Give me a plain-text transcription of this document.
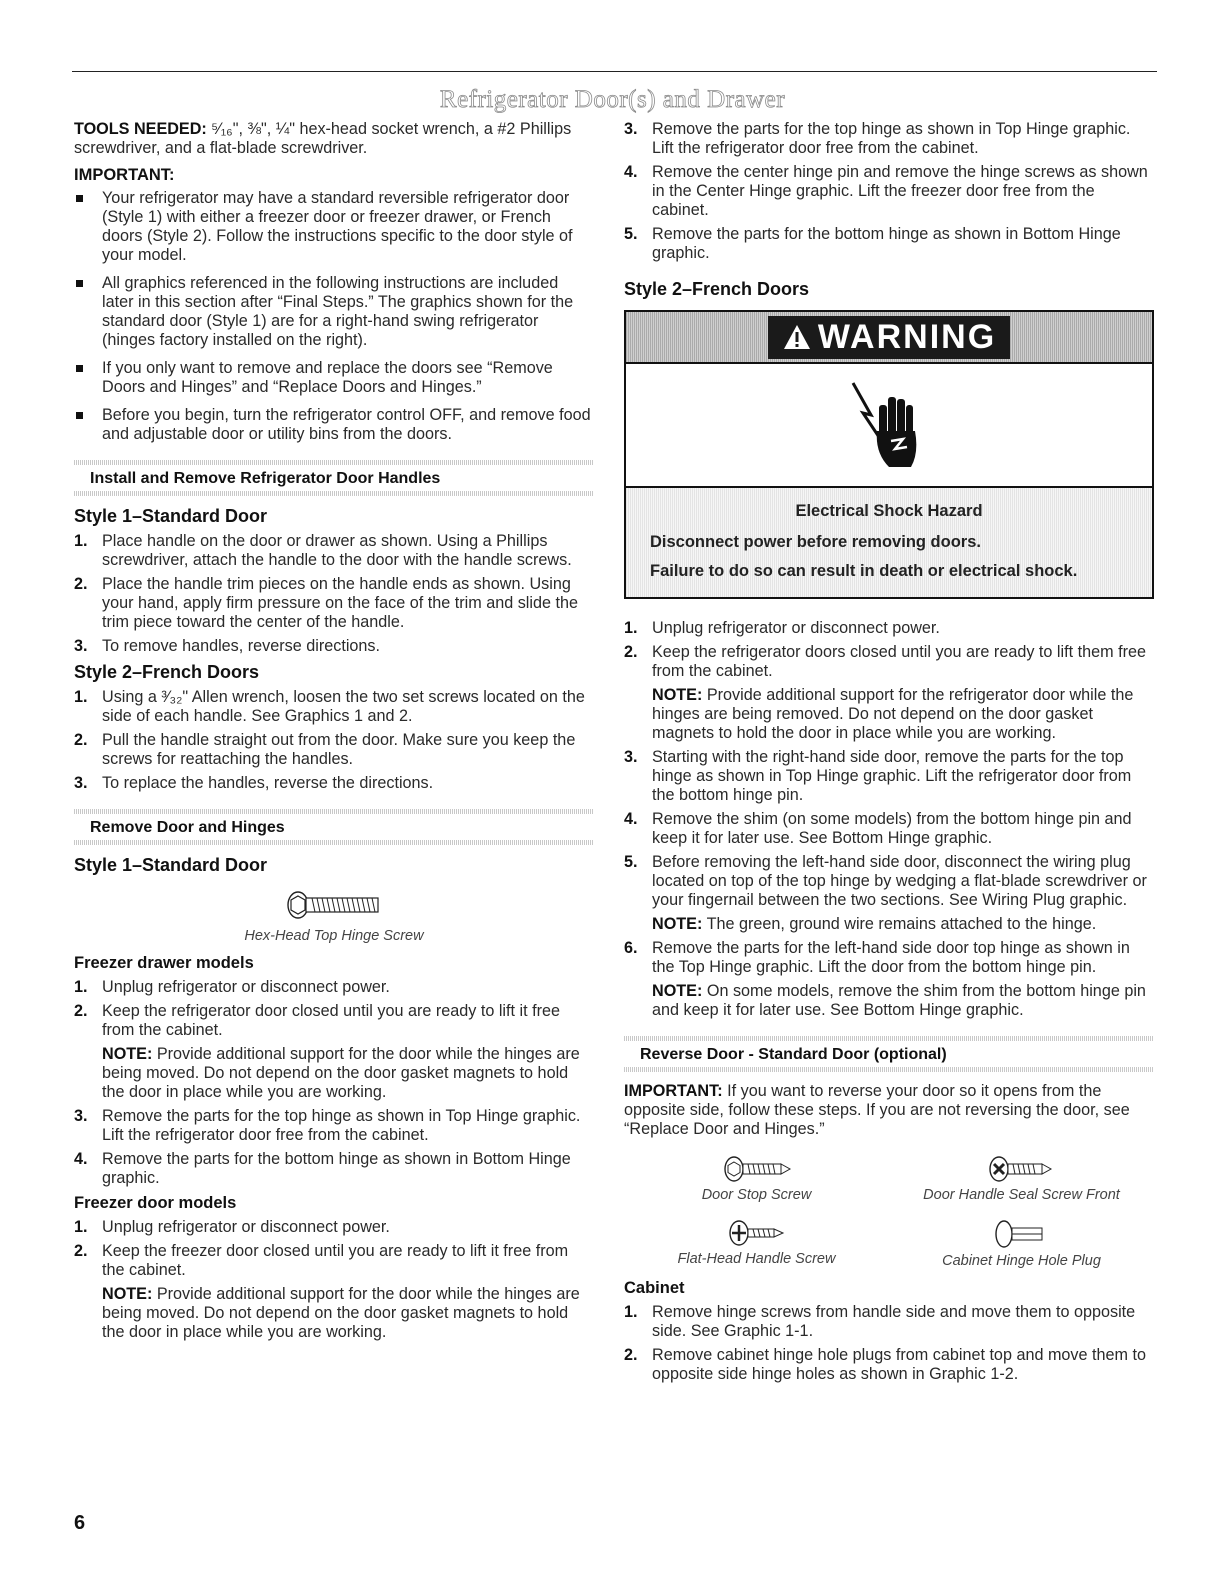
Refrigerator Door(s) and Drawer

TOOLS NEEDED: ⁵⁄₁₆", ⅜", ¼" hex-head socket wrench, a #2 Phillips screwdriver, and a flat-blade screwdriver.

IMPORTANT:
Your refrigerator may have a standard reversible refrigerator door (Style 1) with either a freezer door or freezer drawer, or French doors (Style 2). Follow the instructions specific to the door style of your model.
All graphics referenced in the following instructions are included later in this section after “Final Steps.” The graphics shown for the standard door (Style 1) are for a right-hand swing refrigerator (hinges factory installed on the right).
If you only want to remove and replace the doors see “Remove Doors and Hinges” and “Replace Doors and Hinges.”
Before you begin, turn the refrigerator control OFF, and remove food and adjustable door or utility bins from the doors.
Install and Remove Refrigerator Door Handles
Style 1–Standard Door
1. Place handle on the door or drawer as shown. Using a Phillips screwdriver, attach the handle to the door with the handle screws.
2. Place the handle trim pieces on the handle ends as shown. Using your hand, apply firm pressure on the face of the trim and slide the trim piece toward the center of the handle.
3. To remove handles, reverse directions.
Style 2–French Doors
1. Using a ³⁄₃₂" Allen wrench, loosen the two set screws located on the side of each handle. See Graphics 1 and 2.
2. Pull the handle straight out from the door. Make sure you keep the screws for reattaching the handles.
3. To replace the handles, reverse the directions.
Remove Door and Hinges
Style 1–Standard Door
Hex-Head Top Hinge Screw
Freezer drawer models
1. Unplug refrigerator or disconnect power.
2. Keep the refrigerator door closed until you are ready to lift it free from the cabinet.
NOTE: Provide additional support for the door while the hinges are being moved. Do not depend on the door gasket magnets to hold the door in place while you are working.
3. Remove the parts for the top hinge as shown in Top Hinge graphic. Lift the refrigerator door free from the cabinet.
4. Remove the parts for the bottom hinge as shown in Bottom Hinge graphic.
Freezer door models
1. Unplug refrigerator or disconnect power.
2. Keep the freezer door closed until you are ready to lift it free from the cabinet.
NOTE: Provide additional support for the door while the hinges are being moved. Do not depend on the door gasket magnets to hold the door in place while you are working.
3. Remove the parts for the top hinge as shown in Top Hinge graphic. Lift the refrigerator door free from the cabinet.
4. Remove the center hinge pin and remove the hinge screws as shown in the Center Hinge graphic. Lift the freezer door free from the cabinet.
5. Remove the parts for the bottom hinge as shown in Bottom Hinge graphic.
Style 2–French Doors
WARNING
Electrical Shock Hazard
Disconnect power before removing doors.
Failure to do so can result in death or electrical shock.
1. Unplug refrigerator or disconnect power.
2. Keep the refrigerator doors closed until you are ready to lift them free from the cabinet.
NOTE: Provide additional support for the refrigerator door while the hinges are being removed. Do not depend on the door gasket magnets to hold the door in place while you are working.
3. Starting with the right-hand side door, remove the parts for the top hinge as shown in Top Hinge graphic. Lift the refrigerator door from the bottom hinge pin.
4. Remove the shim (on some models) from the bottom hinge pin and keep it for later use. See Bottom Hinge graphic.
5. Before removing the left-hand side door, disconnect the wiring plug located on top of the top hinge by wedging a flat-blade screwdriver or your fingernail between the two sections. See Wiring Plug graphic.
NOTE: The green, ground wire remains attached to the hinge.
6. Remove the parts for the left-hand side door top hinge as shown in the Top Hinge graphic. Lift the door from the bottom hinge pin.
NOTE: On some models, remove the shim from the bottom hinge pin and keep it for later use. See Bottom Hinge graphic.
Reverse Door - Standard Door (optional)

IMPORTANT: If you want to reverse your door so it opens from the opposite side, follow these steps. If you are not reversing the door, see “Replace Door and Hinges.”

Door Stop Screw	Door Handle Seal Screw Front
Flat-Head Handle Screw	Cabinet Hinge Hole Plug
Cabinet
1. Remove hinge screws from handle side and move them to opposite side. See Graphic 1-1.
2. Remove cabinet hinge hole plugs from cabinet top and move them to opposite side hinge holes as shown in Graphic 1-2.
6
